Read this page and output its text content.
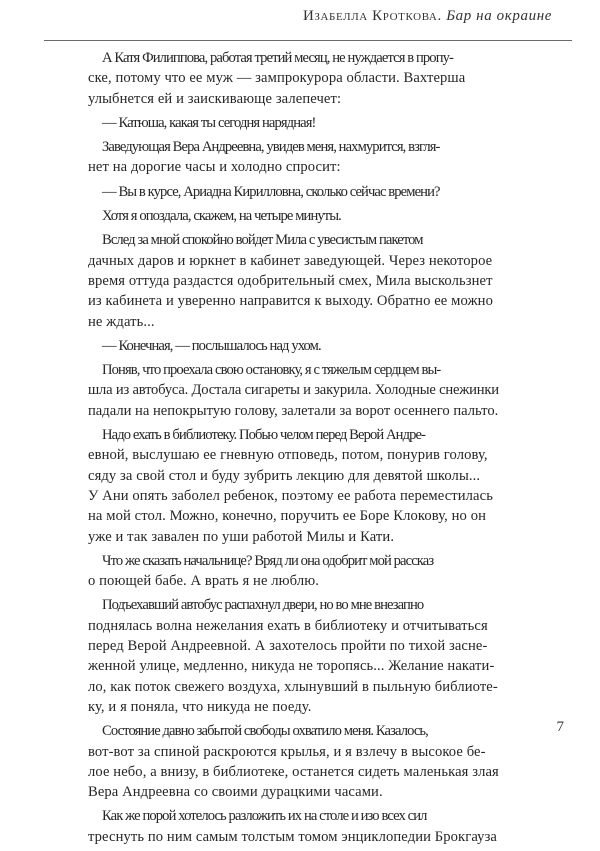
Изабелла Кроткова. Бар на окраине
А Катя Филиппова, работая третий месяц, не нуждается в пропу-
ске, потому что ее муж — зампрокурора области. Вахтерша
улыбнется ей и заискивающе залепечет:
— Катюша, какая ты сегодня нарядная!
Заведующая Вера Андреевна, увидев меня, нахмурится, взгля-
нет на дорогие часы и холодно спросит:
— Вы в курсе, Ариадна Кирилловна, сколько сейчас времени?
Хотя я опоздала, скажем, на четыре минуты.
Вслед за мной спокойно войдет Мила с увесистым пакетом
дачных даров и юркнет в кабинет заведующей. Через некоторое
время оттуда раздастся одобрительный смех, Мила выскользнет
из кабинета и уверенно направится к выходу. Обратно ее можно
не ждать...
— Конечная, — послышалось над ухом.
Поняв, что проехала свою остановку, я с тяжелым сердцем вы-
шла из автобуса. Достала сигареты и закурила. Холодные снежинки
падали на непокрытую голову, залетали за ворот осеннего пальто.
Надо ехать в библиотеку. Побью челом перед Верой Андре-
евной, выслушаю ее гневную отповедь, потом, понурив голову,
сяду за свой стол и буду зубрить лекцию для девятой школы...
У Ани опять заболел ребенок, поэтому ее работа переместилась
на мой стол. Можно, конечно, поручить ее Боре Клокову, но он
уже и так завален по уши работой Милы и Кати.
Что же сказать начальнице? Вряд ли она одобрит мой рассказ
о поющей бабе. А врать я не люблю.
Подъехавший автобус распахнул двери, но во мне внезапно
поднялась волна нежелания ехать в библиотеку и отчитываться
перед Верой Андреевной. А захотелось пройти по тихой заснe-
женной улице, медленно, никуда не торопясь... Желание накати-
ло, как поток свежего воздуха, хлынувший в пыльную библиоте-
ку, и я поняла, что никуда не поеду.
Состояние давно забытой свободы охватило меня. Казалось,
вот-вот за спиной раскроются крылья, и я взлечу в высокое бе-
лое небо, а внизу, в библиотеке, останется сидеть маленькая злая
Вера Андреевна со своими дурацкими часами.
Как же порой хотелось разложить их на столе и изо всех сил
треснуть по ним самым толстым томом энциклопедии Брокгауза
7
